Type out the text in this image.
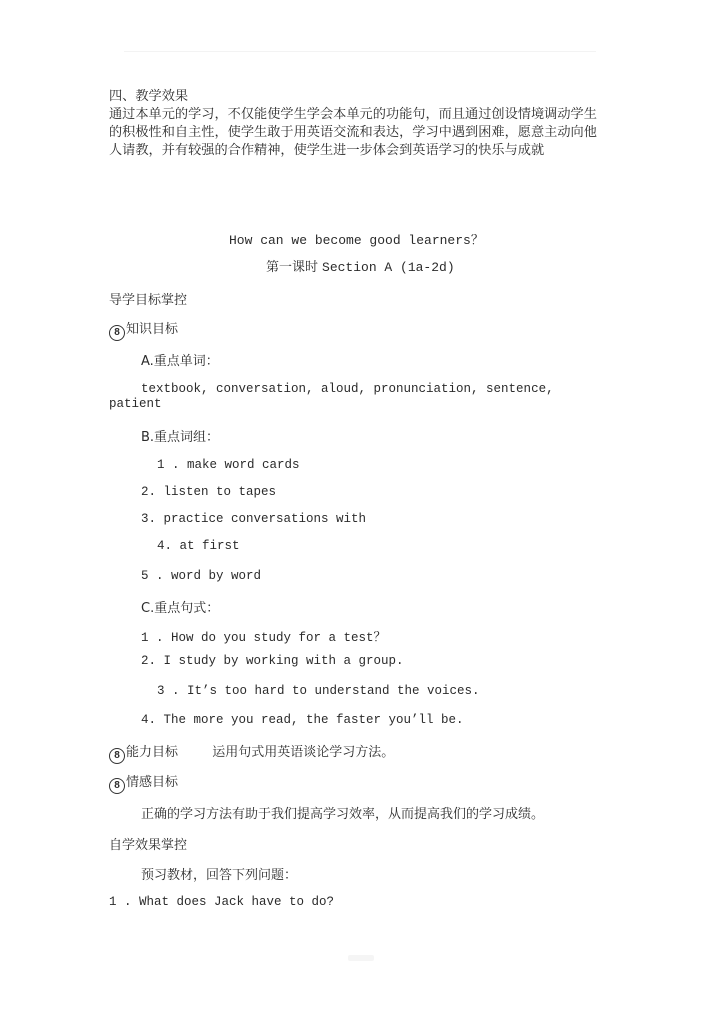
四、教学效果
通过本单元的学习，不仅能使学生学会本单元的功能句，而且通过创设情境调动学生
的积极性和自主性，使学生敢于用英语交流和表达，学习中遇到困难，愿意主动向他
人请教，并有较强的合作精神，使学生进一步体会到英语学习的快乐与成就
How can we become good learners？
第一课时 Section A (1a-2d)
导学目标掌控
8 知识目标
A.重点单词：
textbook, conversation, aloud, pronunciation, sentence,
patient
B.重点词组：
1 . make word cards
2. listen to tapes
3. practice conversations with
4. at first
5 . word by word
C.重点句式：
1 . How do you study for a test？
2. I study by working with a group.
3 . It’s too hard to understand the voices.
4. The more you read, the faster you’ll be.
8 能力目标	运用句式用英语谈论学习方法。
8 情感目标
正确的学习方法有助于我们提高学习效率，从而提高我们的学习成绩。
自学效果掌控
预习教材，回答下列问题：
1 . What does Jack have to do?
